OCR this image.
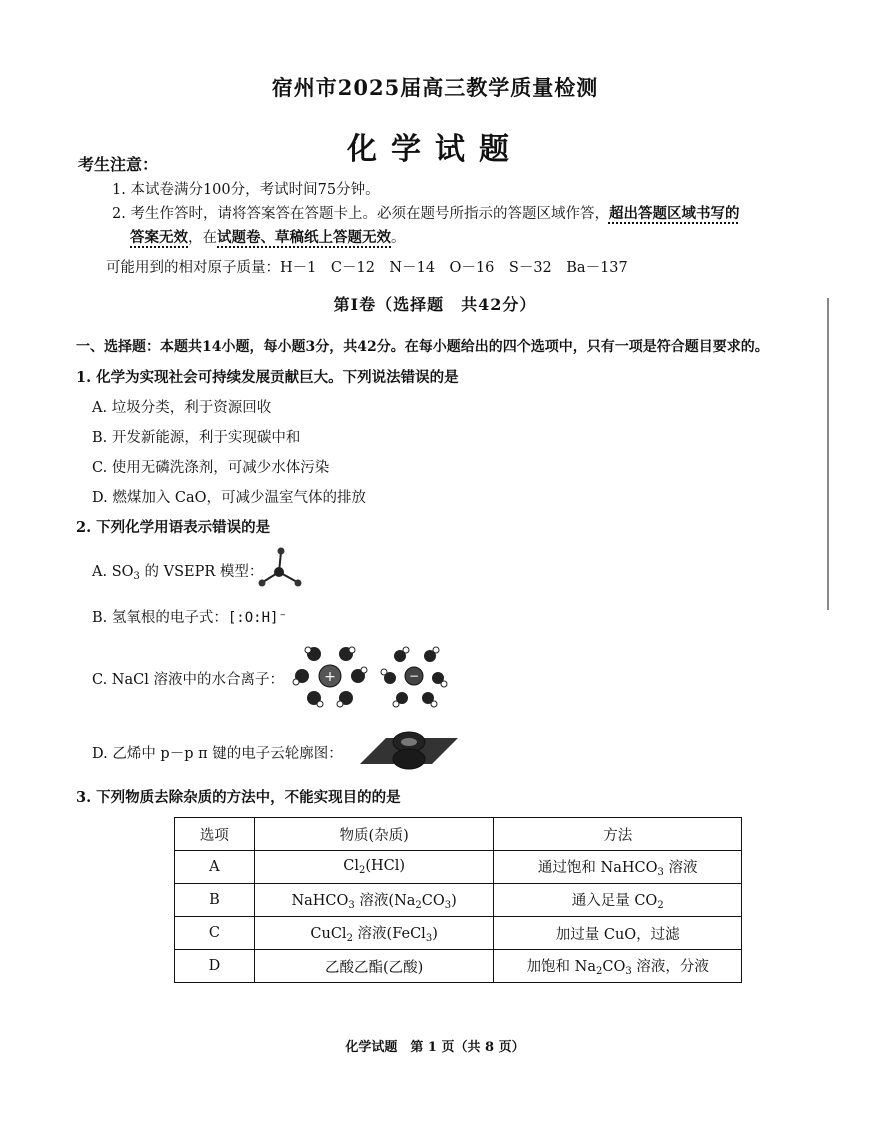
宿州市2025届高三教学质量检测
化学试题
考生注意：
1. 本试卷满分100分，考试时间75分钟。
2. 考生作答时，请将答案答在答题卡上。必须在题号所指示的答题区域作答，超出答题区域书写的
答案无效，在试题卷、草稿纸上答题无效。
可能用到的相对原子质量：H－1　C－12　N－14　O－16　S－32　Ba－137
第Ⅰ卷（选择题　共42分）
一、选择题：本题共14小题，每小题3分，共42分。在每小题给出的四个选项中，只有一项是符合题目要求的。
1. 化学为实现社会可持续发展贡献巨大。下列说法错误的是
A. 垃圾分类，利于资源回收
B. 开发新能源，利于实现碳中和
C. 使用无磷洗涤剂，可减少水体污染
D. 燃煤加入 CaO，可减少温室气体的排放
2. 下列化学用语表示错误的是
A. $SO_3$ 的 VSEPR 模型：
B. 氢氧根的电子式：[:O:H]⁻
C. NaCl 溶液中的水合离子：	+	−
D. 乙烯中 p－p π 键的电子云轮廓图：
3. 下列物质去除杂质的方法中，不能实现目的的是
选项	物质(杂质)	方法
A	$Cl_2(HCl)$	通过饱和 NaHCO$_3$ 溶液
B	NaHCO$_3$ 溶液$(Na_2CO_3)$	通入足量 $CO_2$
C	CuCl$_2$ 溶液(FeCl$_3$)	加过量 CuO，过滤
D	乙酸乙酯(乙酸)	加饱和 $Na_2CO_3$ 溶液，分液
化学试题　第 1 页（共 8 页）
